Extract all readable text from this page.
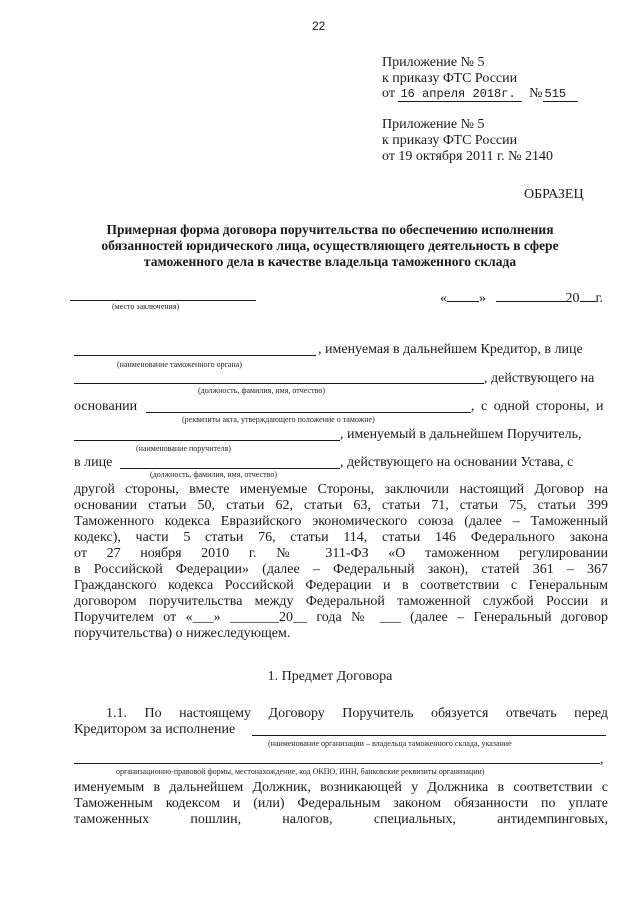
22
Приложение № 5
к приказу ФТС России
от 16 апреля 2018г. № 515
Приложение № 5
к приказу ФТС России
от 19 октября 2011 г. № 2140
ОБРАЗЕЦ
Примерная форма договора поручительства по обеспечению исполнения
обязанностей юридического лица, осуществляющего деятельность в сфере
таможенного дела в качестве владельца таможенного склада
(место заключения)
« »	20 г.
, именуемая в дальнейшем Кредитор, в лице
(наименование таможенного органа)
, действующего на
(должность, фамилия, имя, отчество)
основании	, с одной стороны, и
(реквизиты акта, утверждающего положение о таможне)
, именуемый в дальнейшем Поручитель,
(наименование поручителя)
в лице	, действующего на основании Устава, с
(должность, фамилия, имя, отчество)
другой стороны, вместе именуемые Стороны, заключили настоящий Договор на
основании статьи 50, статьи 62, статьи 63, статьи 71, статьи 75, статьи 399
Таможенного кодекса Евразийского экономического союза (далее – Таможенный
кодекс), части 5 статьи 76, статьи 114, статьи 146 Федерального закона
от 27 ноября 2010 г. № 311-ФЗ «О таможенном регулировании
в Российской Федерации» (далее – Федеральный закон), статей 361 – 367
Гражданского кодекса Российской Федерации и в соответствии с Генеральным
договором поручительства между Федеральной таможенной службой России и
Поручителем от «___» _______20__ года № ___ (далее – Генеральный договор
поручительства) о нижеследующем.
1. Предмет Договора
1.1. По настоящему Договору Поручитель обязуется отвечать перед
Кредитором за исполнение
(наименование организации – владельца таможенного склада, указание
,
организационно-правовой формы, местонахождение, код ОКПО, ИНН, банковские реквизиты организации)
именуемым в дальнейшем Должник, возникающей у Должника в соответствии с
Таможенным кодексом и (или) Федеральным законом обязанности по уплате
таможенных пошлин, налогов, специальных, антидемпинговых,
